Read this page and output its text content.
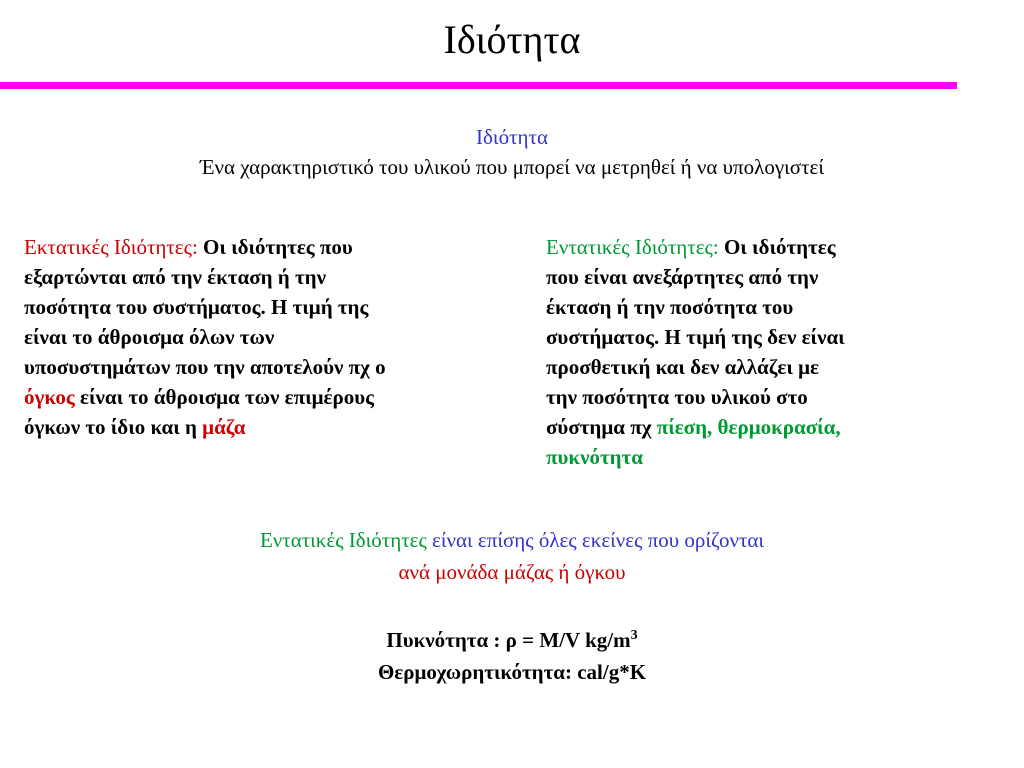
Ιδιότητα
Ιδιότητα
Ένα χαρακτηριστικό του υλικού που μπορεί να μετρηθεί ή να υπολογιστεί
Εκτατικές Ιδιότητες: Οι ιδιότητες που
εξαρτώνται από την έκταση ή την
ποσότητα του συστήματος. Η τιμή της
είναι το άθροισμα όλων των
υποσυστημάτων που την αποτελούν πχ ο
όγκος είναι το άθροισμα των επιμέρους
όγκων το ίδιο και η μάζα
Εντατικές Ιδιότητες: Οι ιδιότητες
που είναι ανεξάρτητες από την
έκταση ή την ποσότητα του
συστήματος. Η τιμή της δεν είναι
προσθετική και δεν αλλάζει με
την ποσότητα του υλικού στο
σύστημα πχ πίεση, θερμοκρασία,
πυκνότητα
Εντατικές Ιδιότητες είναι επίσης όλες εκείνες που ορίζονται
ανά μονάδα μάζας ή όγκου
Πυκνότητα : ρ = M/V $kg/m^3$
Θερμοχωρητικότητα: cal/g*K
